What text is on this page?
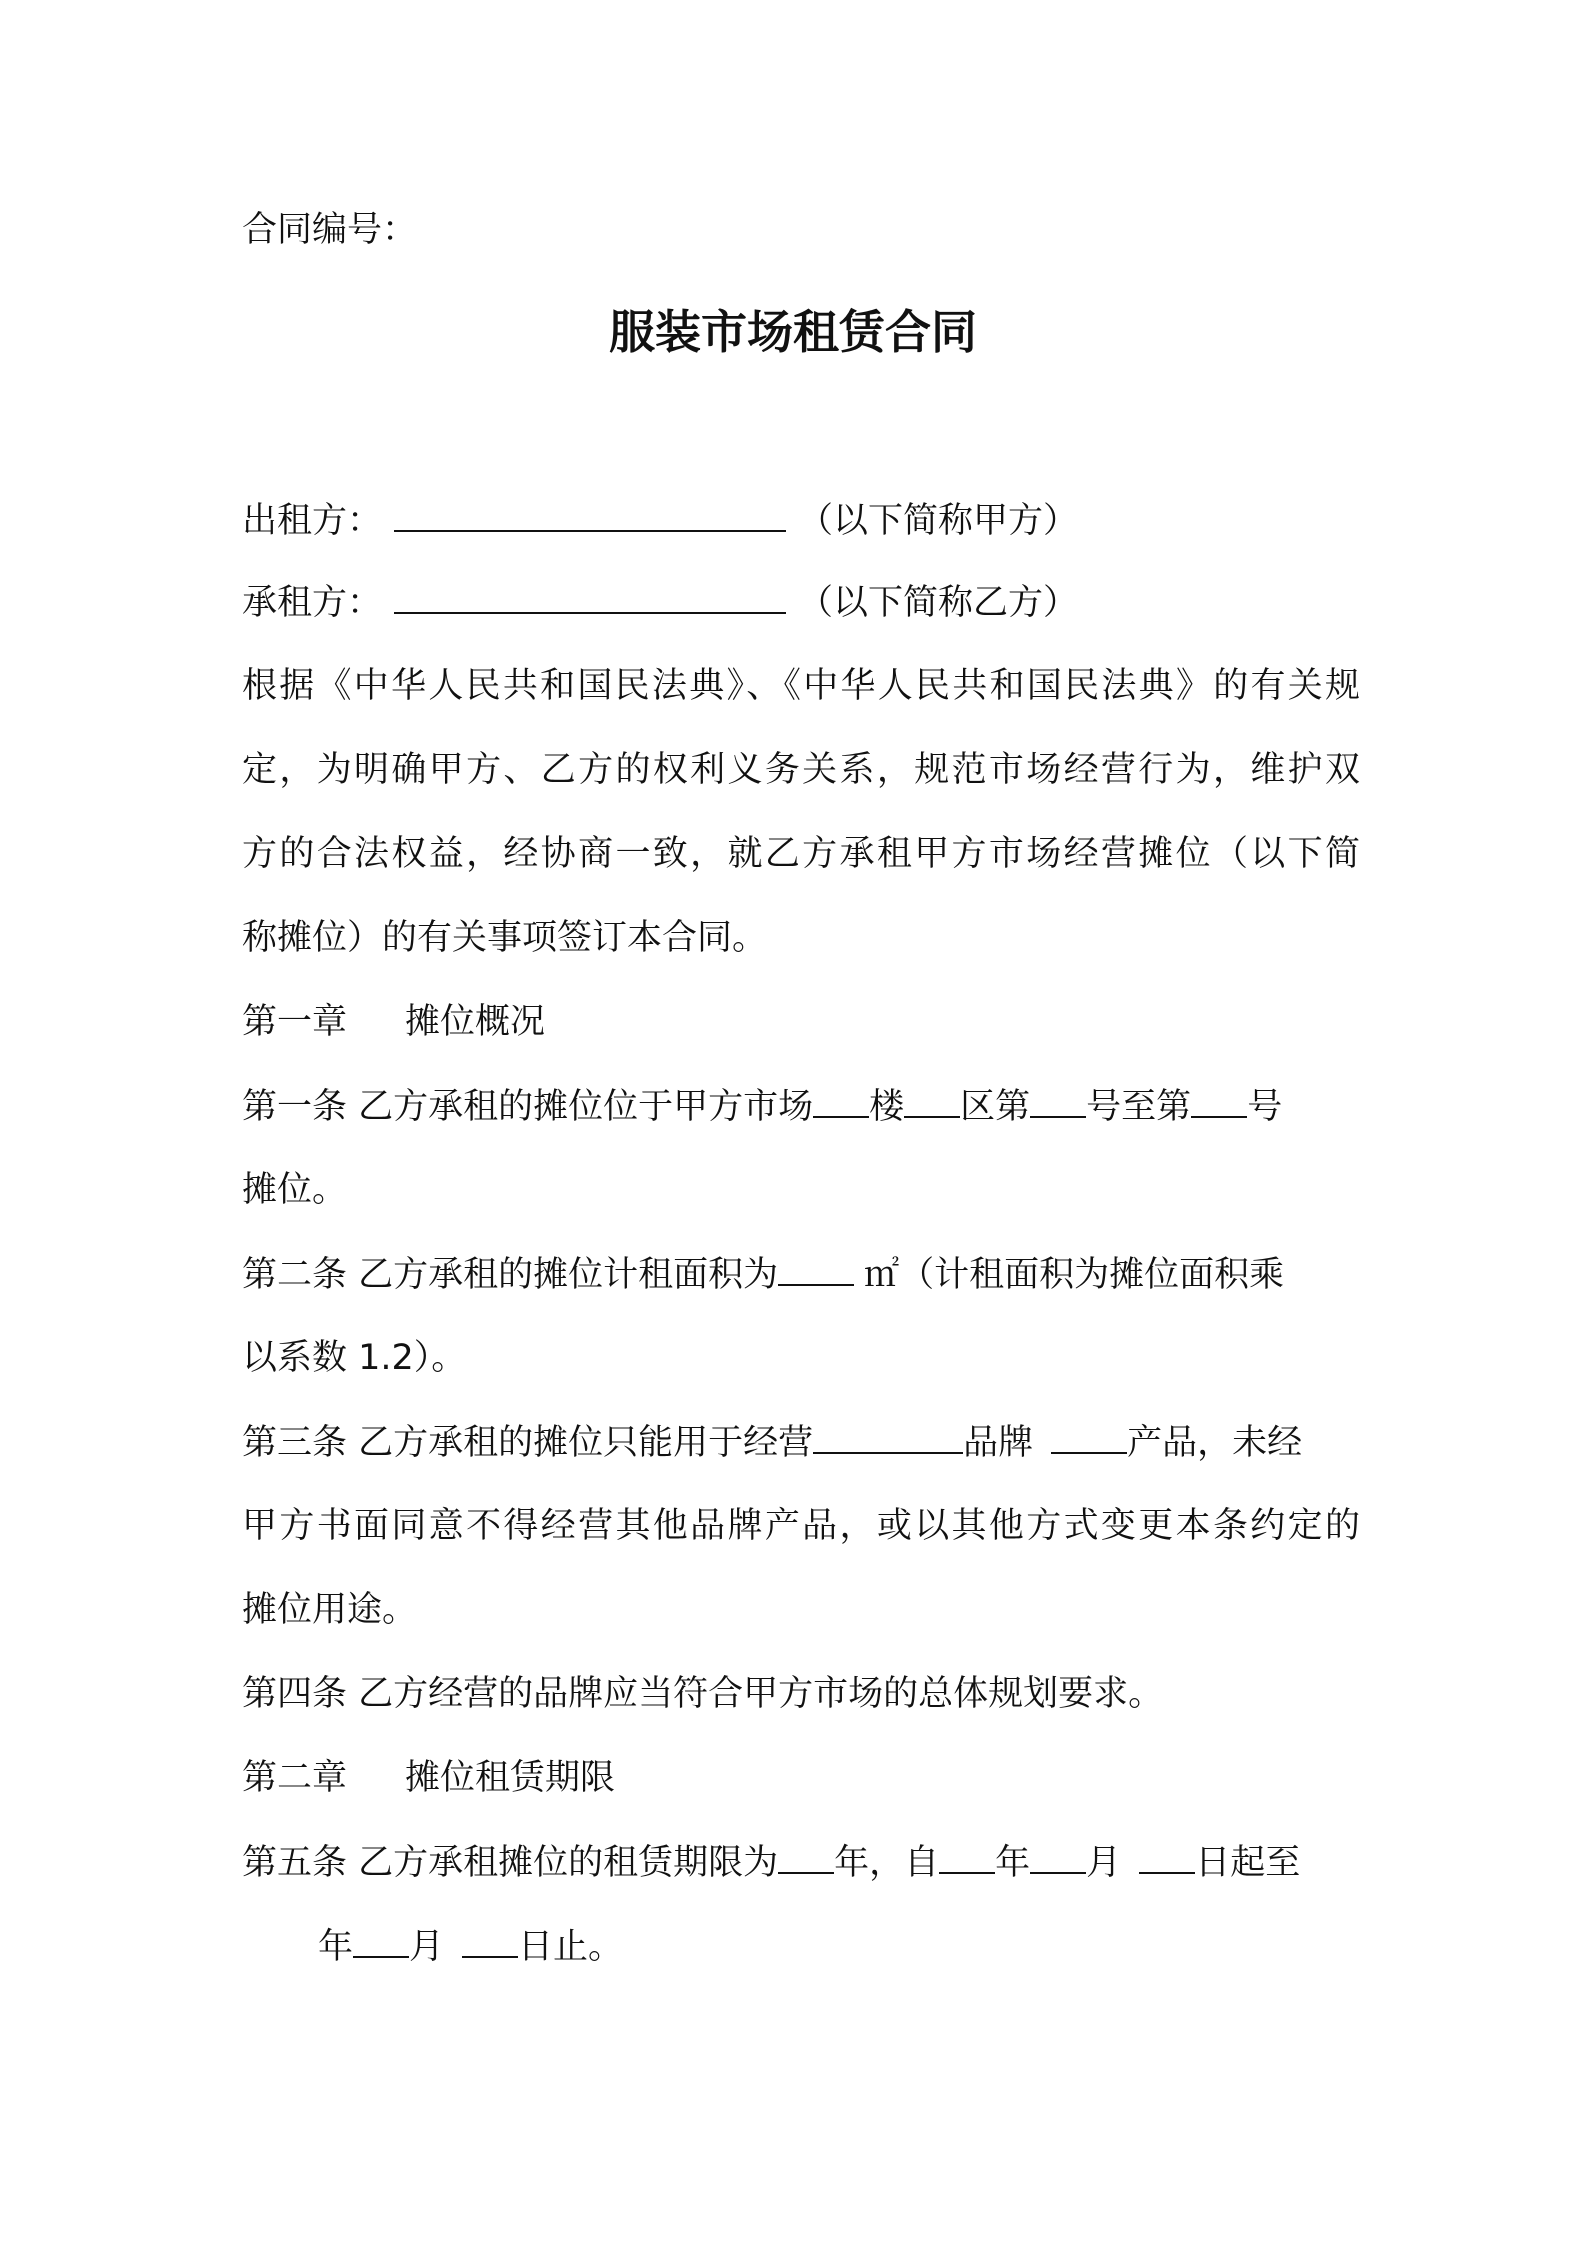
合同编号：
服装市场租赁合同
出租方：	（以下简称甲方）
承租方：	（以下简称乙方）
根据《中华人民共和国民法典》、《中华人民共和国民法典》的有关规
定，为明确甲方、乙方的权利义务关系，规范市场经营行为，维护双
方的合法权益，经协商一致，就乙方承租甲方市场经营摊位（以下简
称摊位）的有关事项签订本合同。
第一章 摊位概况
第一条 乙方承租的摊位位于甲方市场 楼 区第 号至第 号
摊位。
第二条 乙方承租的摊位计租面积为 ㎡（计租面积为摊位面积乘
以系数 1.2）。
第三条 乙方承租的摊位只能用于经营	品牌	产品，未经
甲方书面同意不得经营其他品牌产品，或以其他方式变更本条约定的
摊位用途。
第四条 乙方经营的品牌应当符合甲方市场的总体规划要求。
第二章 摊位租赁期限
第五条 乙方承租摊位的租赁期限为 年，自 年 月 日起至
年 月 日止。
